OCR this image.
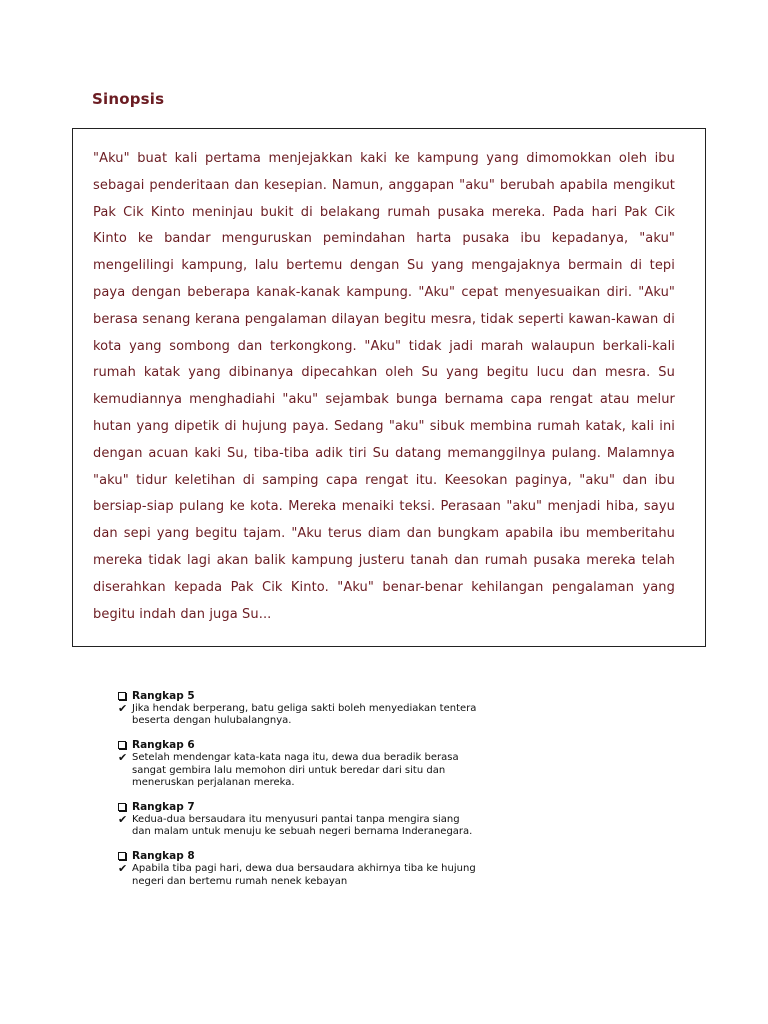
Sinopsis

"Aku" buat kali pertama menjejakkan kaki ke kampung yang dimomokkan oleh ibu sebagai penderitaan dan kesepian. Namun, anggapan "aku" berubah apabila mengikut Pak Cik Kinto meninjau bukit di belakang rumah pusaka mereka. Pada hari Pak Cik Kinto ke bandar menguruskan pemindahan harta pusaka ibu kepadanya, "aku" mengelilingi kampung, lalu bertemu dengan Su yang mengajaknya bermain di tepi paya dengan beberapa kanak-kanak kampung. "Aku" cepat menyesuaikan diri. "Aku" berasa senang kerana pengalaman dilayan begitu mesra, tidak seperti kawan-kawan di kota yang sombong dan terkongkong. "Aku" tidak jadi marah walaupun berkali-kali rumah katak yang dibinanya dipecahkan oleh Su yang begitu lucu dan mesra. Su kemudiannya menghadiahi "aku" sejambak bunga bernama capa rengat atau melur hutan yang dipetik di hujung paya. Sedang "aku" sibuk membina rumah katak, kali ini dengan acuan kaki Su, tiba-tiba adik tiri Su datang memanggilnya pulang. Malamnya "aku" tidur keletihan di samping capa rengat itu. Keesokan paginya, "aku" dan ibu bersiap-siap pulang ke kota. Mereka menaiki teksi. Perasaan "aku" menjadi hiba, sayu dan sepi yang begitu tajam. "Aku terus diam dan bungkam apabila ibu memberitahu mereka tidak lagi akan balik kampung justeru tanah dan rumah pusaka mereka telah diserahkan kepada Pak Cik Kinto. "Aku" benar-benar kehilangan pengalaman yang begitu indah dan juga Su...

Rangkap 5
✔ Jika hendak berperang, batu geliga sakti boleh menyediakan tentera beserta dengan hulubalangnya.
Rangkap 6
✔ Setelah mendengar kata-kata naga itu, dewa dua beradik berasa sangat gembira lalu memohon diri untuk beredar dari situ dan meneruskan perjalanan mereka.
Rangkap 7
✔ Kedua-dua bersaudara itu menyusuri pantai tanpa mengira siang dan malam untuk menuju ke sebuah negeri bernama Inderanegara.
Rangkap 8
✔ Apabila tiba pagi hari, dewa dua bersaudara akhirnya tiba ke hujung negeri dan bertemu rumah nenek kebayan
